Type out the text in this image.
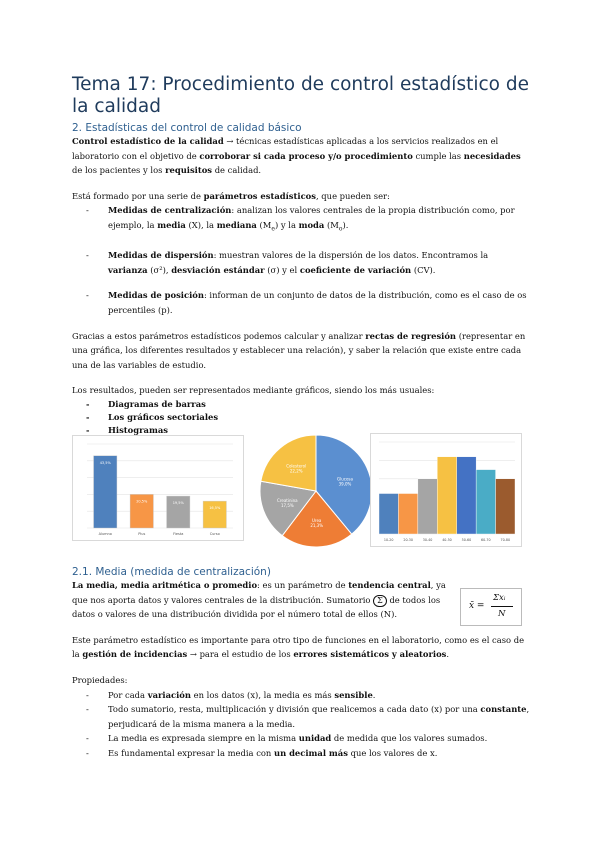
Tema 17: Procedimiento de control estadístico de la calidad
2. Estadísticas del control de calidad básico

Control estadístico de la calidad → técnicas estadísticas aplicadas a los servicios realizados en el laboratorio con el objetivo de corroborar si cada proceso y/o procedimiento cumple las necesidades de los pacientes y los requisitos de calidad.

Está formado por una serie de parámetros estadísticos, que pueden ser:

- Medidas de centralización: analizan los valores centrales de la propia distribución como, por ejemplo, la media (X), la mediana $(M_e)$ y la moda $(M_o)$.
- Medidas de dispersión: muestran valores de la dispersión de los datos. Encontramos la varianza (σ²), desviación estándar (σ) y el coeficiente de variación (CV).
- Medidas de posición: informan de un conjunto de datos de la distribución, como es el caso de os percentiles (p).

Gracias a estos parámetros estadísticos podemos calcular y analizar rectas de regresión (representar en una gráfica, los diferentes resultados y establecer una relación), y saber la relación que existe entre cada una de las variables de estudio.

Los resultados, pueden ser representados mediante gráficos, siendo los más usuales:

- Diagramas de barras
- Los gráficos sectoriales
- Histogramas
43,5%
Alumno
20,5%
Plus
19,5%
Fiesta
16,5%
Curso
Glucosa
39,0%
Urea
21,3%
Creatinina
17,5%
Colesterol
22,2%
10-20	20-30	30-40	40-50	50-60	60-70	70-80
2.1. Media (medida de centralización)

La media, media aritmética o promedio: es un parámetro de tendencia central, ya que nos aporta datos y valores centrales de la distribución. Sumatorio Σ de todos los datos o valores de una distribución dividida por el número total de ellos (N).

Este parámetro estadístico es importante para otro tipo de funciones en el laboratorio, como es el caso de la gestión de incidencias → para el estudio de los errores sistemáticos y aleatorios.

Propiedades:

- Por cada variación en los datos (x), la media es más sensible.
- Todo sumatorio, resta, multiplicación y división que realicemos a cada dato (x) por una constante, perjudicará de la misma manera a la media.
- La media es expresada siempre en la misma unidad de medida que los valores sumados.
- Es fundamental expresar la media con un decimal más que los valores de x.
x̄ =
Σxᵢ
N
